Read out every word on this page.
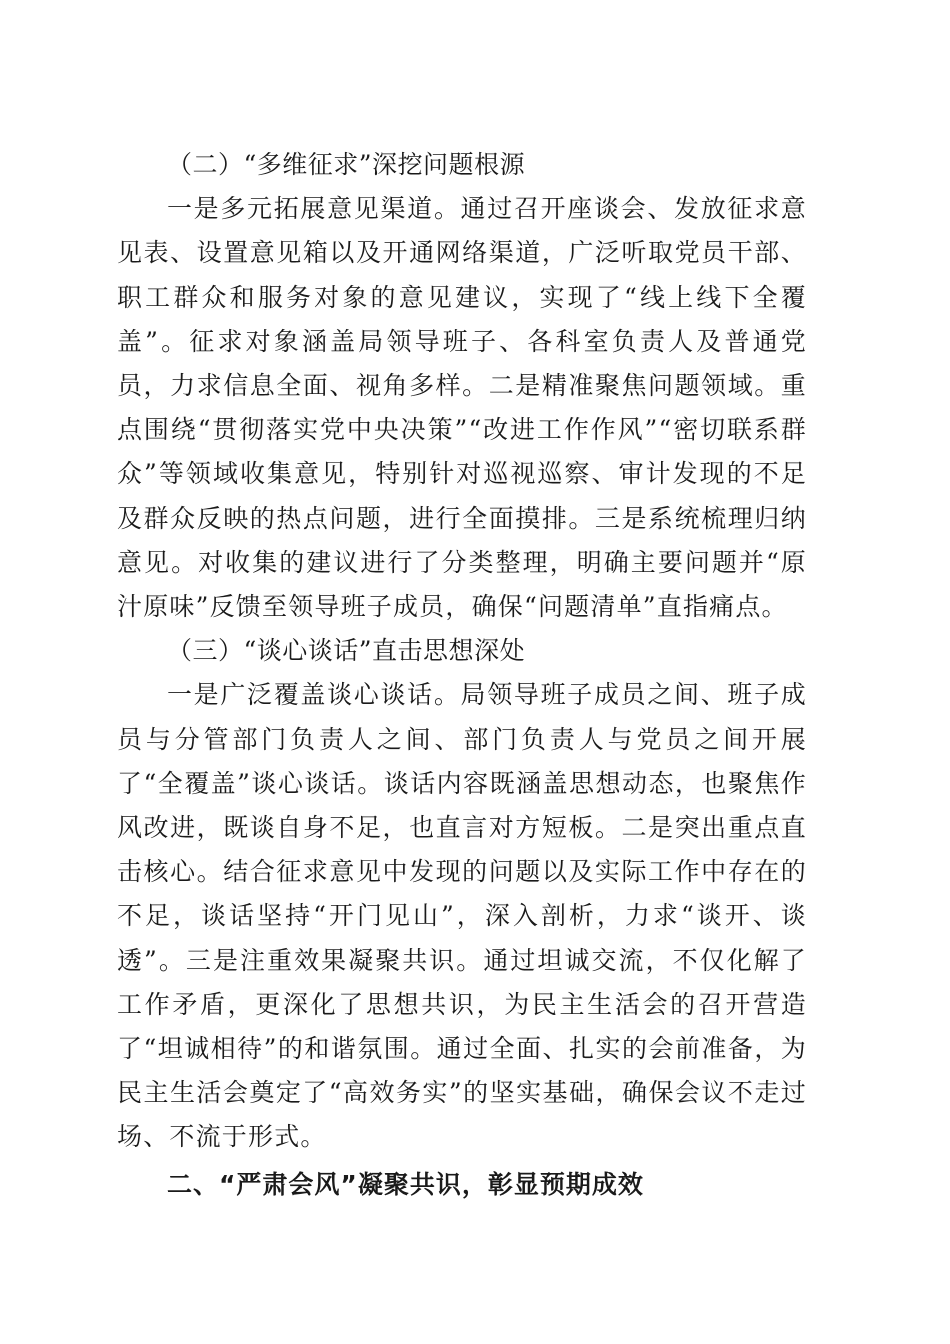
（二）“多维征求”深挖问题根源

一是多元拓展意见渠道。通过召开座谈会、发放征求意见表、设置意见箱以及开通网络渠道，广泛听取党员干部、职工群众和服务对象的意见建议，实现了“线上线下全覆盖”。征求对象涵盖局领导班子、各科室负责人及普通党员，力求信息全面、视角多样。二是精准聚焦问题领域。重点围绕“贯彻落实党中央决策”“改进工作作风”“密切联系群众”等领域收集意见，特别针对巡视巡察、审计发现的不足及群众反映的热点问题，进行全面摸排。三是系统梳理归纳意见。对收集的建议进行了分类整理，明确主要问题并“原汁原味”反馈至领导班子成员，确保“问题清单”直指痛点。

（三）“谈心谈话”直击思想深处

一是广泛覆盖谈心谈话。局领导班子成员之间、班子成员与分管部门负责人之间、部门负责人与党员之间开展了“全覆盖”谈心谈话。谈话内容既涵盖思想动态，也聚焦作风改进，既谈自身不足，也直言对方短板。二是突出重点直击核心。结合征求意见中发现的问题以及实际工作中存在的不足，谈话坚持“开门见山”，深入剖析，力求“谈开、谈透”。三是注重效果凝聚共识。通过坦诚交流，不仅化解了工作矛盾，更深化了思想共识，为民主生活会的召开营造了“坦诚相待”的和谐氛围。通过全面、扎实的会前准备，为民主生活会奠定了“高效务实”的坚实基础，确保会议不走过场、不流于形式。

二、“严肃会风”凝聚共识，彰显预期成效
